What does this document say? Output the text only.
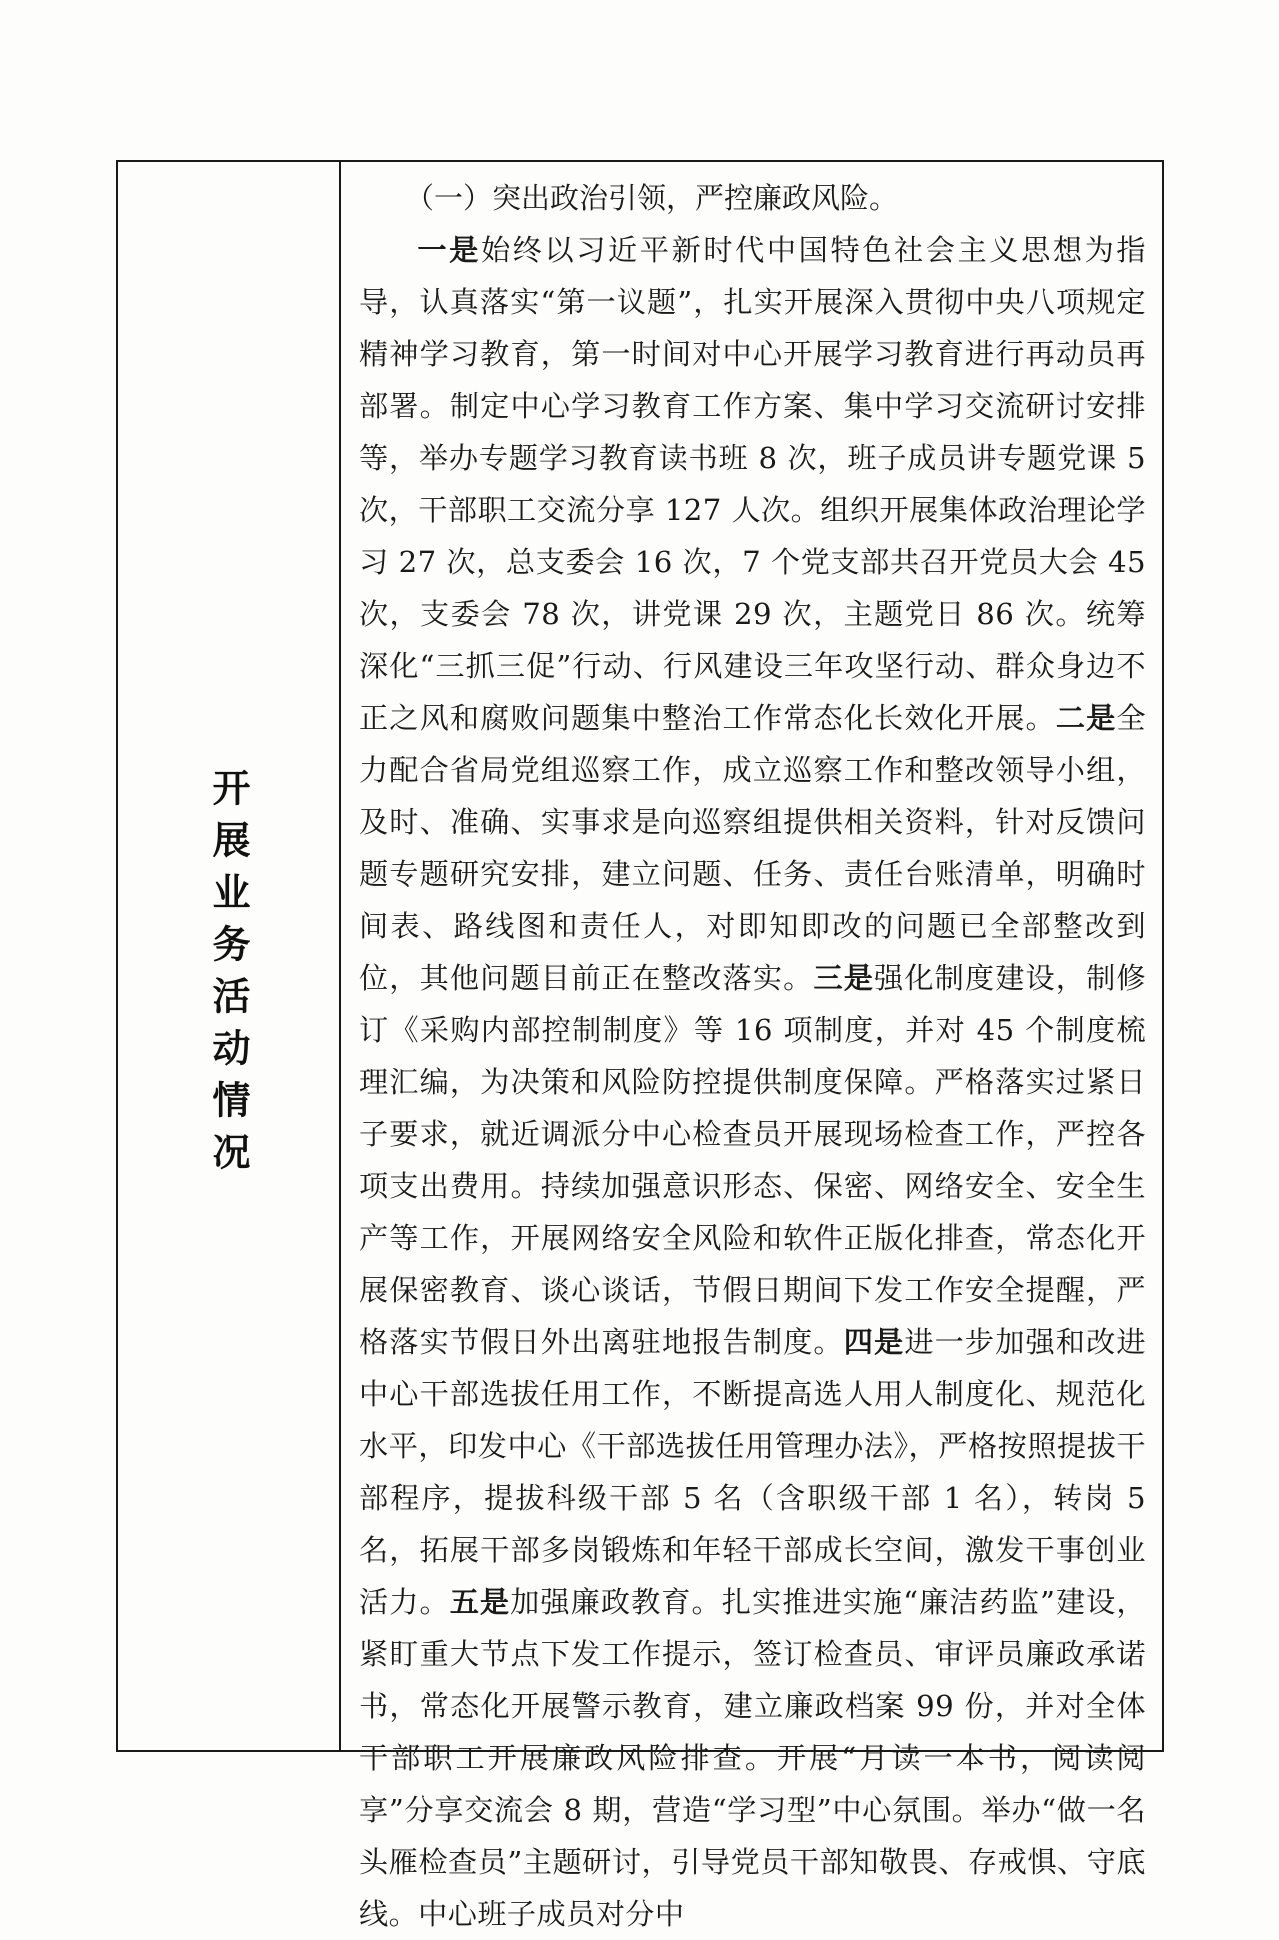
开展业务活动情况

（一）突出政治引领，严控廉政风险。

一是始终以习近平新时代中国特色社会主义思想为指导，认真落实“第一议题”，扎实开展深入贯彻中央八项规定精神学习教育，第一时间对中心开展学习教育进行再动员再部署。制定中心学习教育工作方案、集中学习交流研讨安排等，举办专题学习教育读书班 8 次，班子成员讲专题党课 5 次，干部职工交流分享 127 人次。组织开展集体政治理论学习 27 次，总支委会 16 次，7 个党支部共召开党员大会 45 次，支委会 78 次，讲党课 29 次，主题党日 86 次。统筹深化“三抓三促”行动、行风建设三年攻坚行动、群众身边不正之风和腐败问题集中整治工作常态化长效化开展。二是全力配合省局党组巡察工作，成立巡察工作和整改领导小组，及时、准确、实事求是向巡察组提供相关资料，针对反馈问题专题研究安排，建立问题、任务、责任台账清单，明确时间表、路线图和责任人，对即知即改的问题已全部整改到位，其他问题目前正在整改落实。三是强化制度建设，制修订《采购内部控制制度》等 16 项制度，并对 45 个制度梳理汇编，为决策和风险防控提供制度保障。严格落实过紧日子要求，就近调派分中心检查员开展现场检查工作，严控各项支出费用。持续加强意识形态、保密、网络安全、安全生产等工作，开展网络安全风险和软件正版化排查，常态化开展保密教育、谈心谈话，节假日期间下发工作安全提醒，严格落实节假日外出离驻地报告制度。四是进一步加强和改进中心干部选拔任用工作，不断提高选人用人制度化、规范化水平，印发中心《干部选拔任用管理办法》，严格按照提拔干部程序，提拔科级干部 5 名（含职级干部 1 名），转岗 5 名，拓展干部多岗锻炼和年轻干部成长空间，激发干事创业活力。五是加强廉政教育。扎实推进实施“廉洁药监”建设，紧盯重大节点下发工作提示，签订检查员、审评员廉政承诺书，常态化开展警示教育，建立廉政档案 99 份，并对全体干部职工开展廉政风险排查。开展“月读一本书，阅读阅享”分享交流会 8 期，营造“学习型”中心氛围。举办“做一名头雁检查员”主题研讨，引导党员干部知敬畏、存戒惧、守底线。中心班子成员对分中
